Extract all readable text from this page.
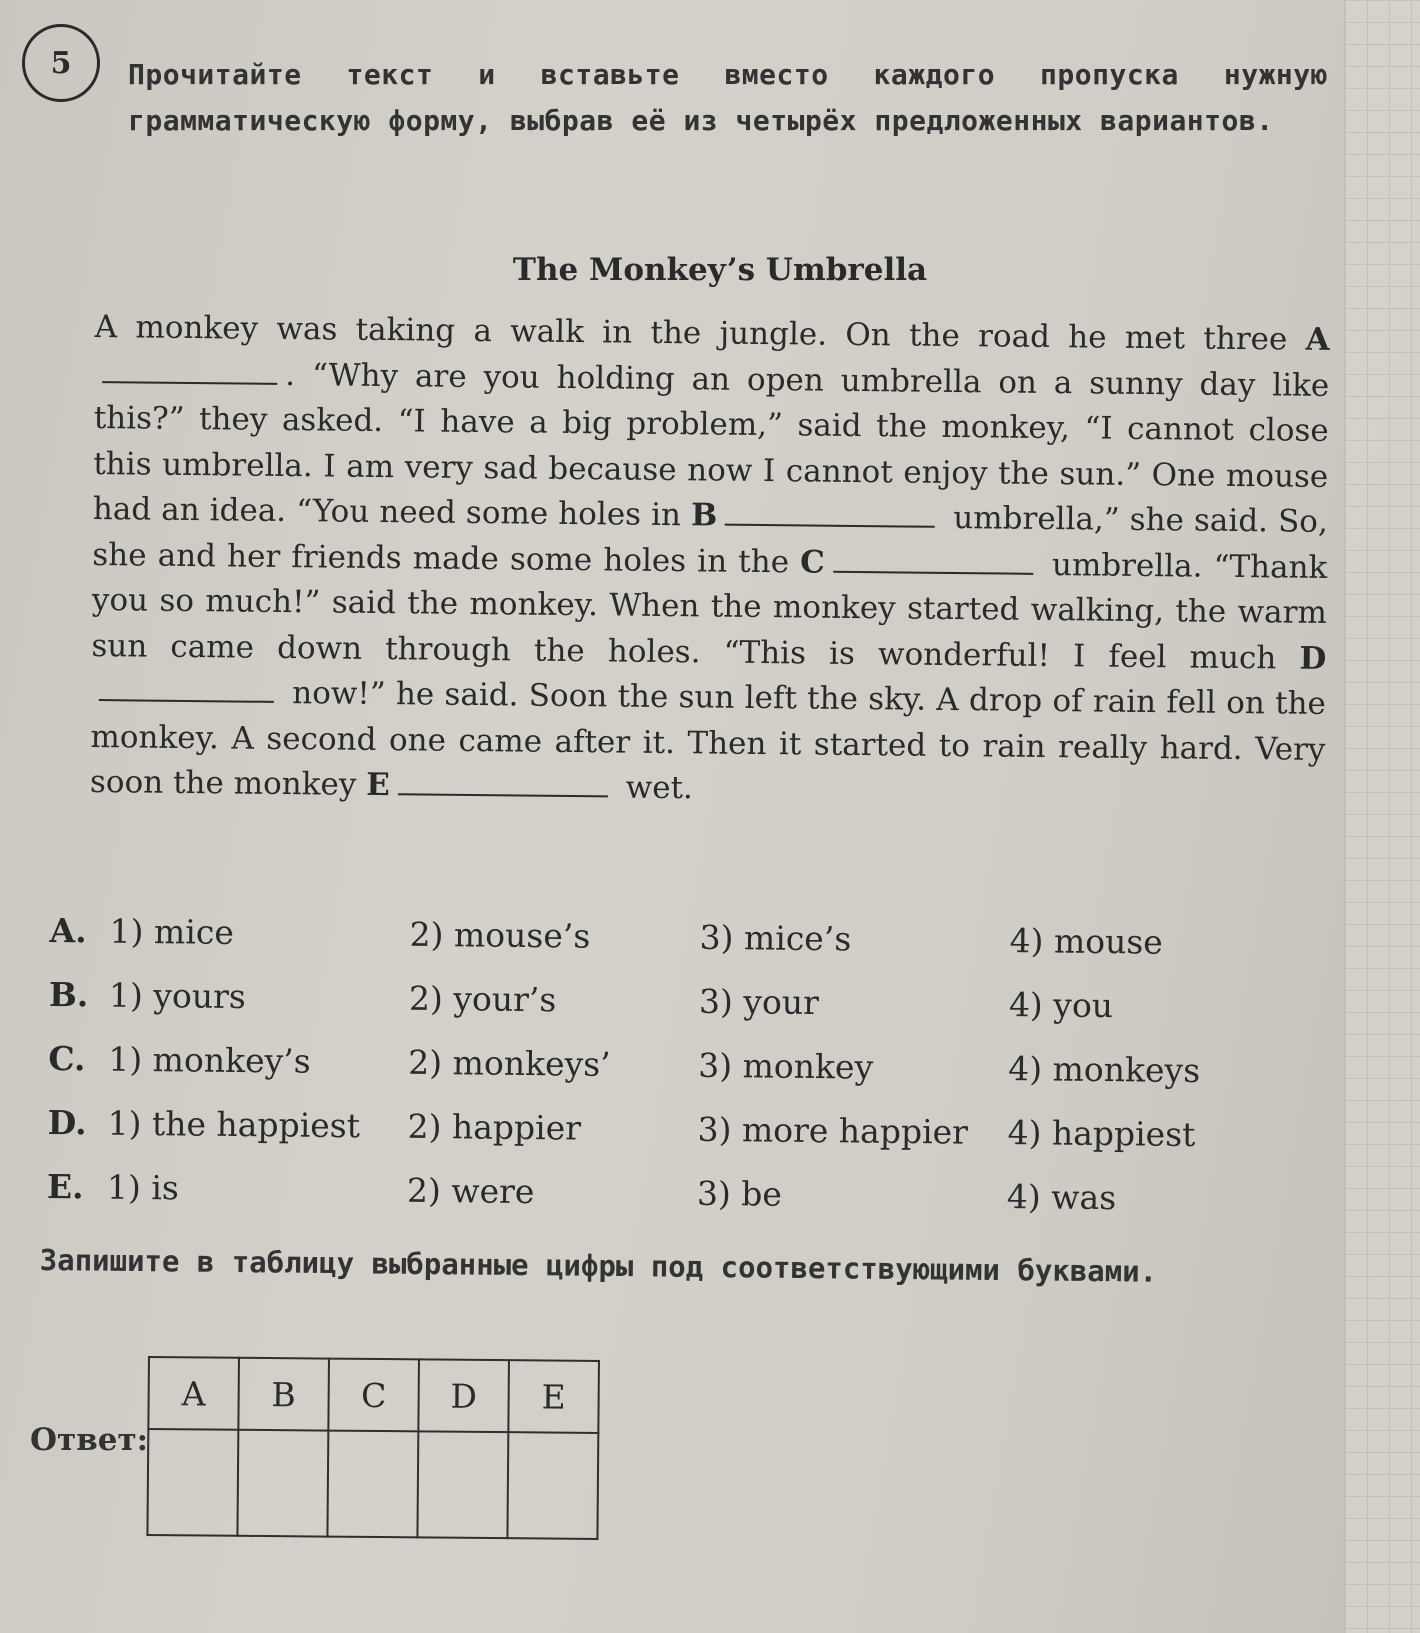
5	Прочитайте текст и вставьте вместо каждого пропуска нужную грамматическую форму, выбрав её из четырёх предложенных вариантов.
The Monkey’s Umbrella
A monkey was taking a walk in the jungle. On the road he met three A. “Why are you holding an open umbrella on a sunny day like this?” they asked. “I have a big problem,” said the monkey, “I cannot close this umbrella. I am very sad because now I cannot enjoy the sun.” One mouse had an idea. “You need some holes in B	umbrella,” she said. So, she and her friends made some holes in the C	umbrella. “Thank you so much!” said the monkey. When the monkey started walking, the warm sun came down through the holes. “This is wonderful! I feel much D now!” he said. Soon the sun left the sky. A drop of rain fell on the monkey. A second one came after it. Then it started to rain really hard. Very soon the monkey E	wet.
A. 1) mice	2) mouse’s	3) mice’s	4) mouse
B. 1) yours	2) your’s	3) your	4) you
C. 1) monkey’s	2) monkeys’	3) monkey	4) monkeys
D. 1) the happiest	2) happier	3) more happier	4) happiest
E. 1) is	2) were	3) be	4) was
Запишите в таблицу выбранные цифры под соответствующими буквами.
Ответ:
A	B	C	D	E
